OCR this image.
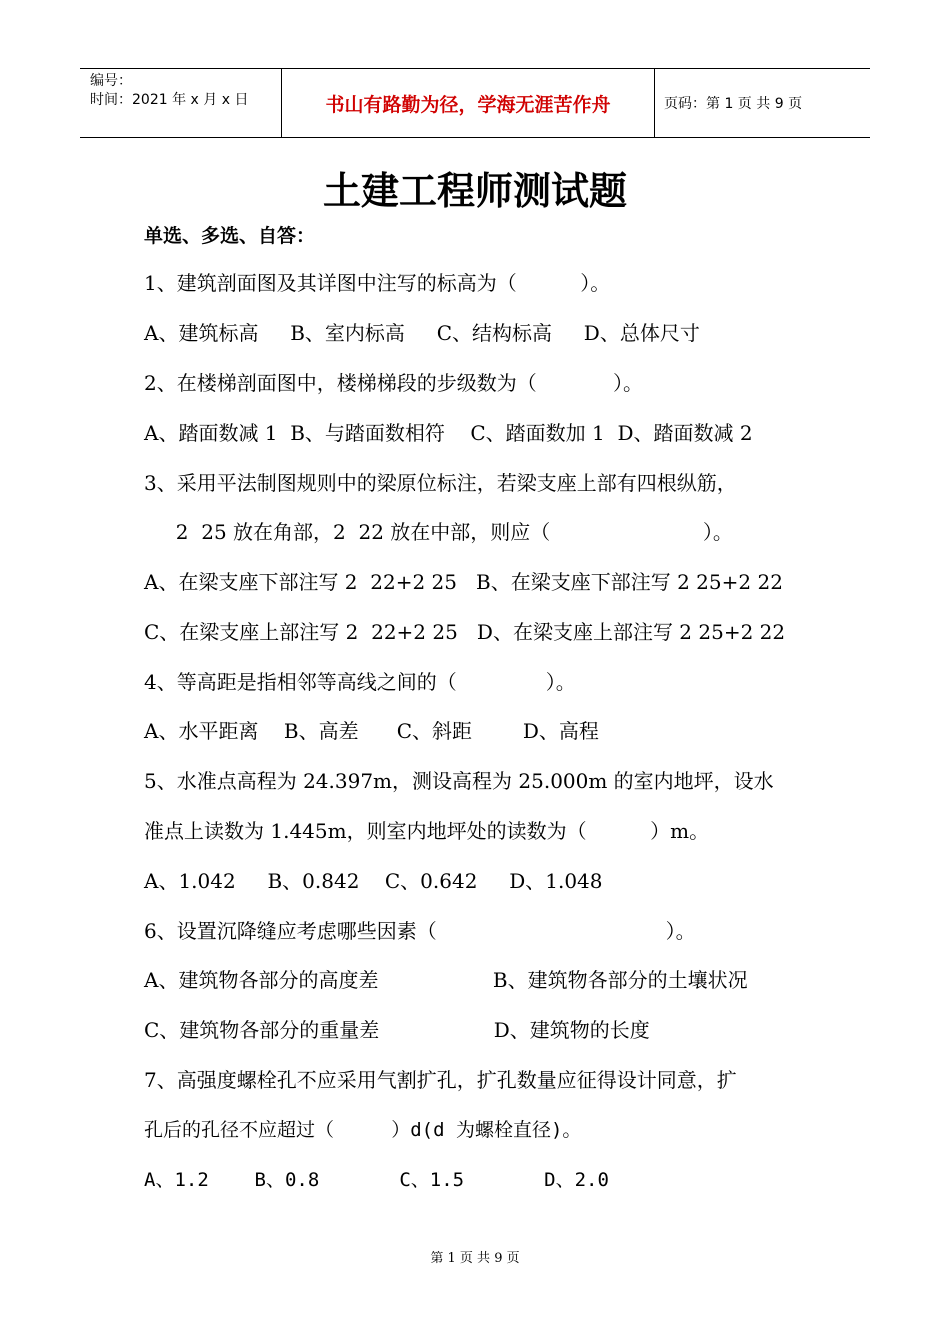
编号：
时间：2021 年 x 月 x 日	书山有路勤为径，学海无涯苦作舟	页码：第 1 页 共 9 页
土建工程师测试题
单选、多选、自答：
1、建筑剖面图及其详图中注写的标高为（          ）。
A、建筑标高     B、室内标高     C、结构标高     D、总体尺寸
2、在楼梯剖面图中，楼梯梯段的步级数为（            ）。
A、踏面数减 1  B、与踏面数相符    C、踏面数加 1  D、踏面数减 2
3、采用平法制图规则中的梁原位标注，若梁支座上部有四根纵筋，
2  25 放在角部，2  22 放在中部，则应（                        ）。
A、在梁支座下部注写 2  22+2 25   B、在梁支座下部注写 2 25+2 22
C、在梁支座上部注写 2  22+2 25   D、在梁支座上部注写 2 25+2 22
4、等高距是指相邻等高线之间的（              ）。
A、水平距离    B、高差      C、斜距        D、高程
5、水准点高程为 24.397m，测设高程为 25.000m 的室内地坪，设水
准点上读数为 1.445m，则室内地坪处的读数为（          ）m。
A、1.042     B、0.842    C、0.642     D、1.048
6、设置沉降缝应考虑哪些因素（                                    ）。
A、建筑物各部分的高度差                  B、建筑物各部分的土壤状况
C、建筑物各部分的重量差                  D、建筑物的长度
7、高强度螺栓孔不应采用气割扩孔，扩孔数量应征得设计同意，扩
孔后的孔径不应超过（     ）d(d 为螺栓直径)。
A、1.2    B、0.8       C、1.5       D、2.0
第 1 页 共 9 页
